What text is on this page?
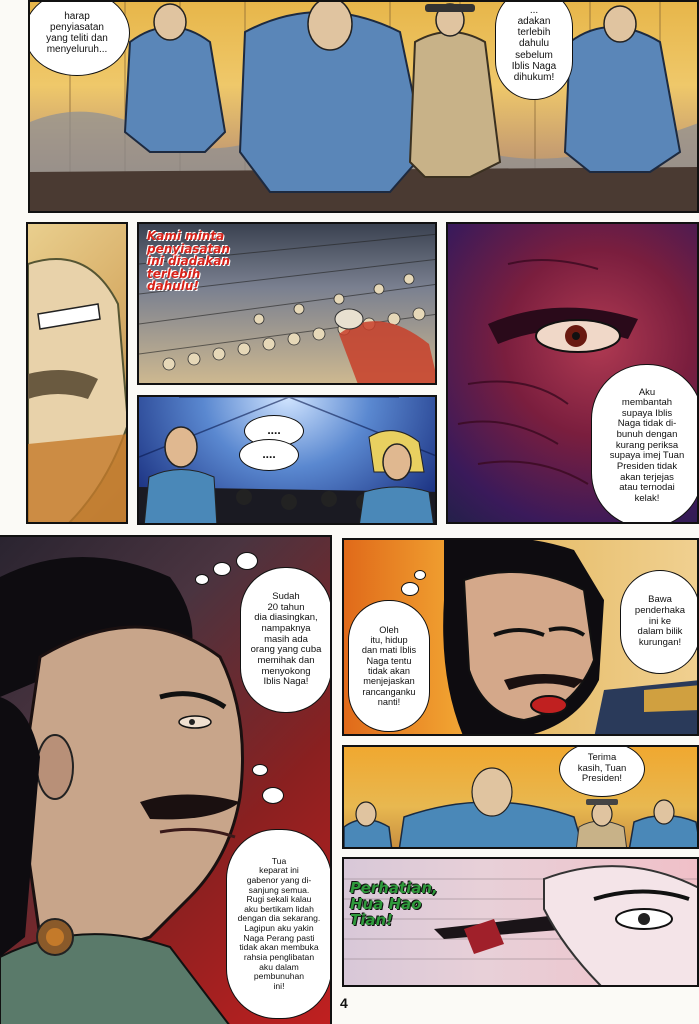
harap
penyiasatan
yang teliti dan
menyeluruh...
...
adakan
terlebih
dahulu
sebelum
Iblis Naga
dihukum!
Kami minta
penyiasatan
ini diadakan
terlebih
dahulu!
Aku
membantah
supaya Iblis
Naga tidak di-
bunuh dengan
kurang periksa
supaya imej Tuan
Presiden tidak
akan terjejas
atau ternodai
kelak!
....
....
Sudah
20 tahun
dia diasingkan,
nampaknya
masih ada
orang yang cuba
memihak dan
menyokong
Iblis Naga!
Tua
keparat ini
gabenor yang di-
sanjung semua.
Rugi sekali kalau
aku bertikam lidah
dengan dia sekarang.
Lagipun aku yakin
Naga Perang pasti
tidak akan membuka
rahsia penglibatan
aku dalam
pembunuhan
ini!
Oleh
itu, hidup
dan mati Iblis
Naga tentu
tidak akan
menjejaskan
rancanganku
nanti!
Bawa
penderhaka
ini ke
dalam bilik
kurungan!
Terima
kasih, Tuan
Presiden!
Perhatian,
Hua Hao
Tian!
4
